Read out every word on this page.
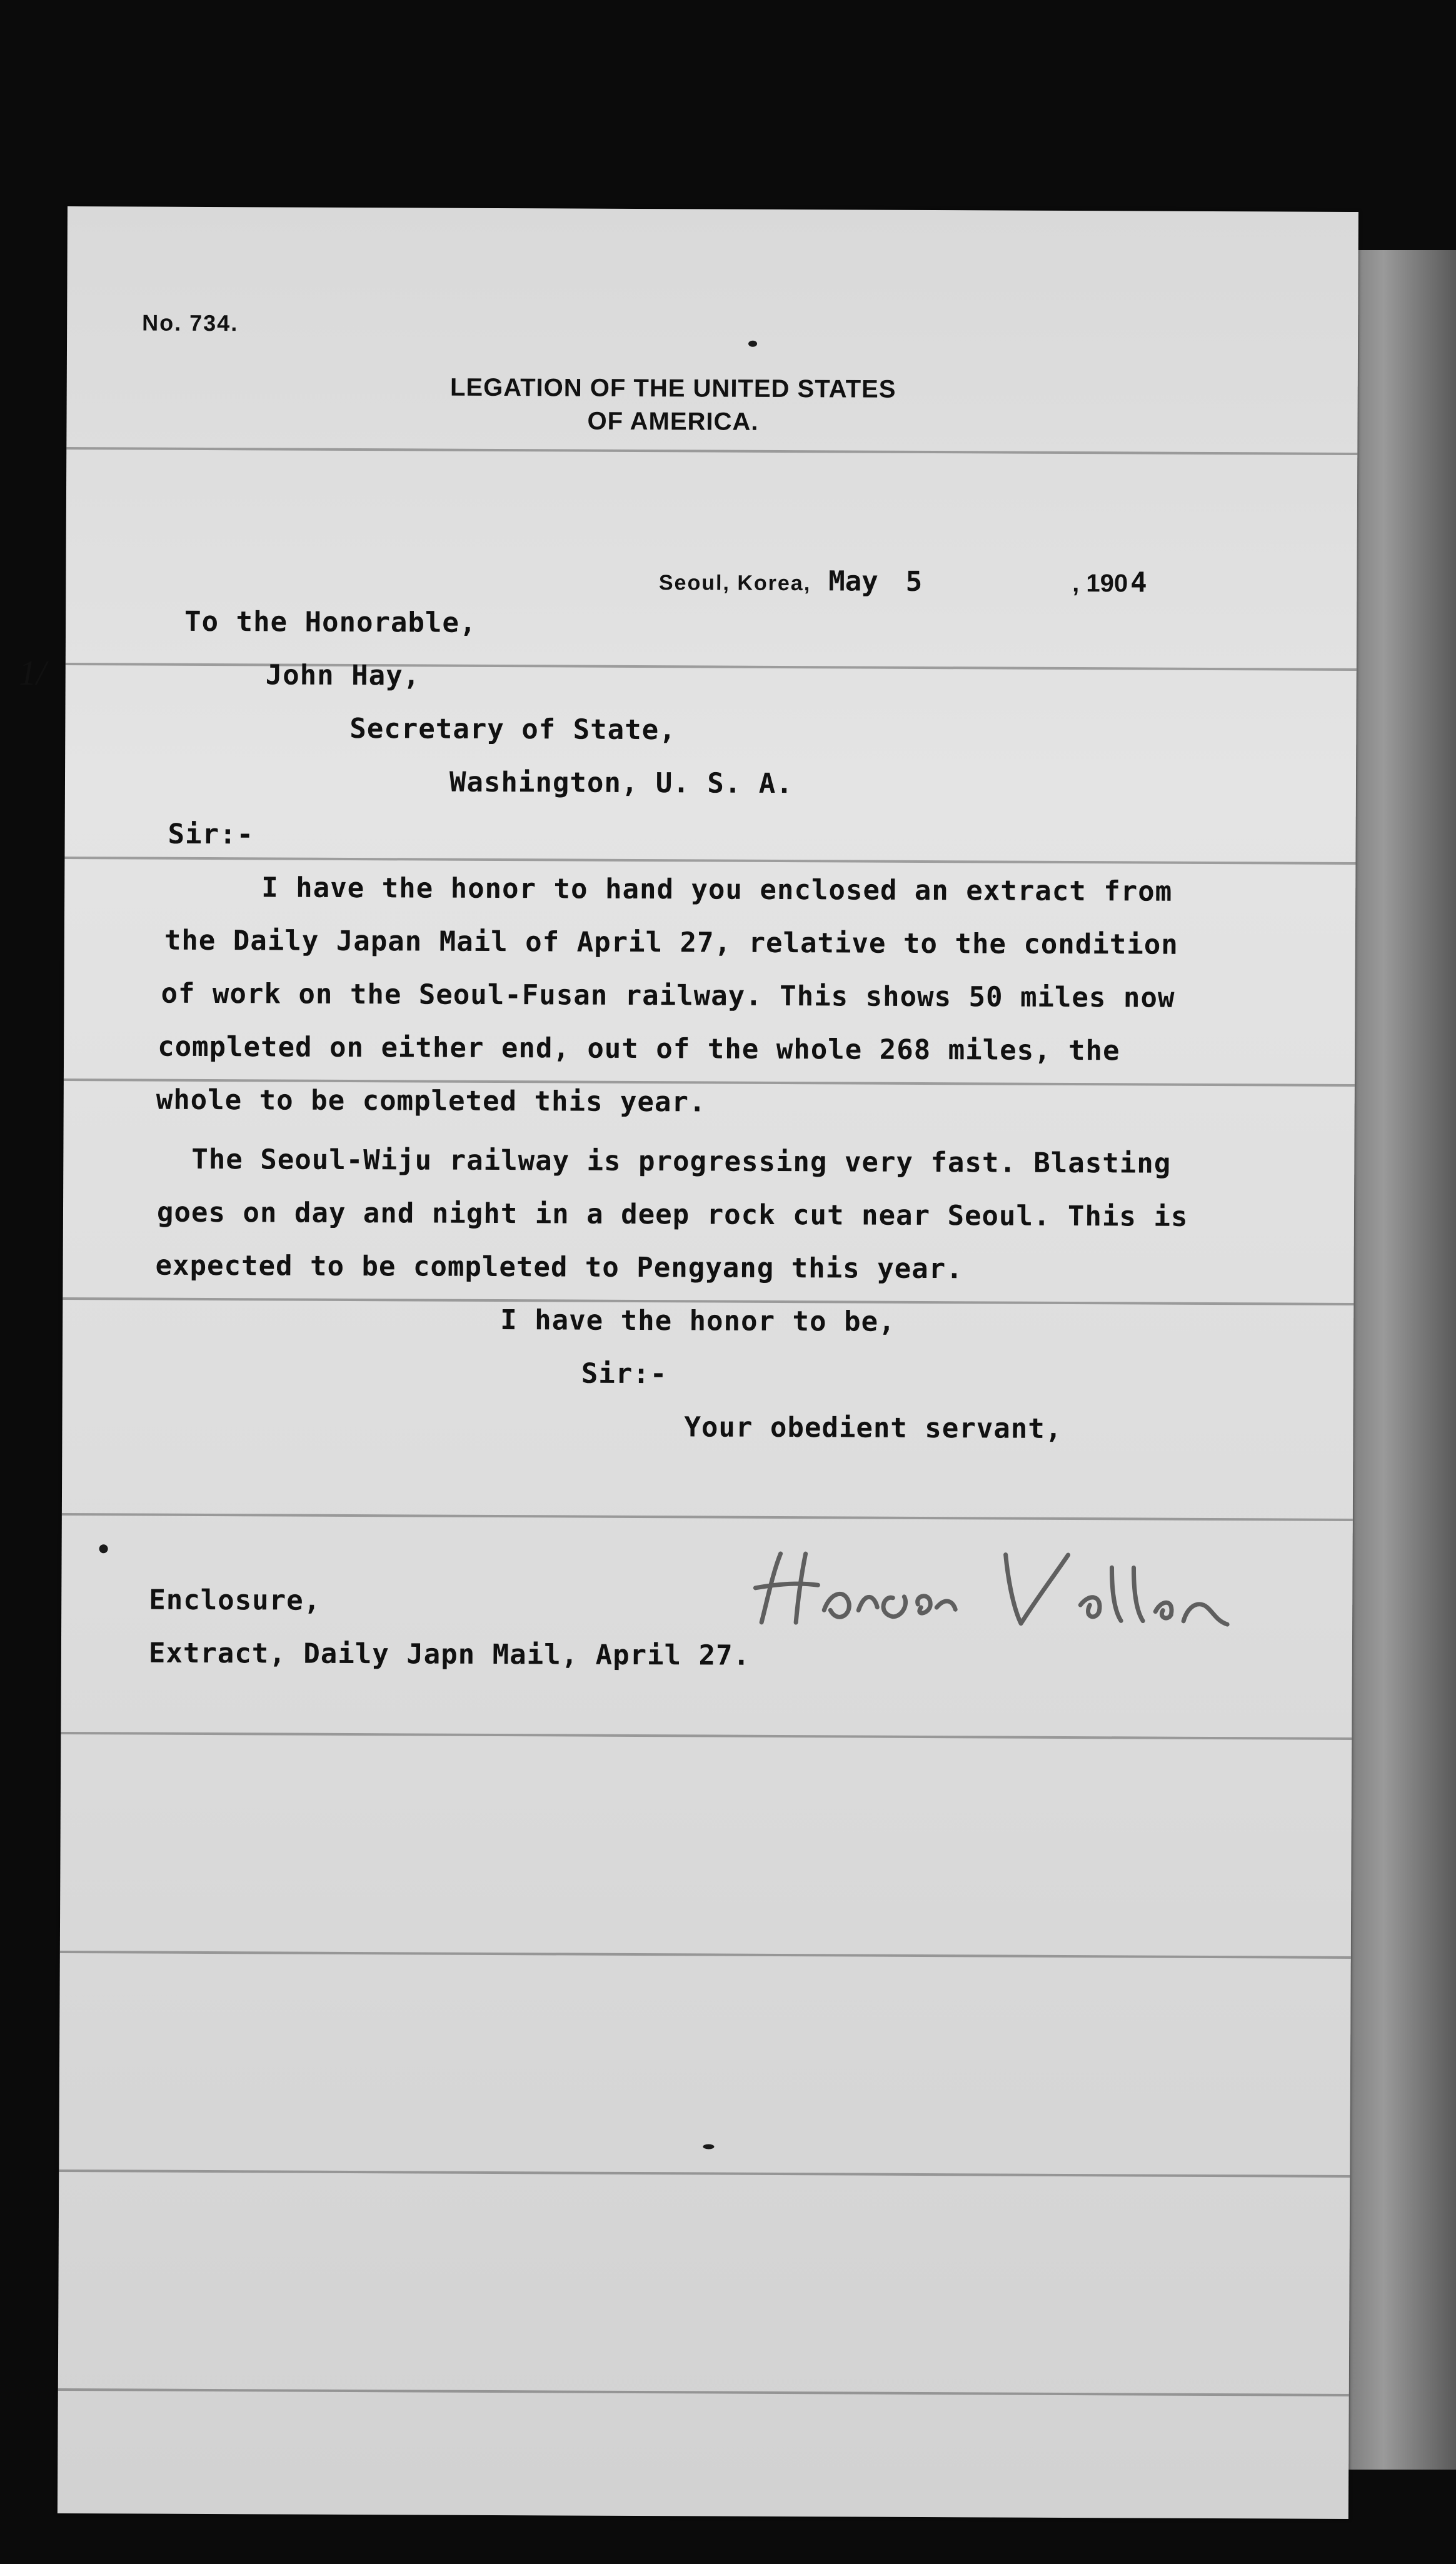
No. 734.
LEGATION OF THE UNITED STATES
OF AMERICA.

Seoul, Korea, May 5	, 1904

To the Honorable,
John Hay,
Secretary of State,
Washington, U. S. A.
Sir:-
I have the honor to hand you enclosed an extract from
the Daily Japan Mail of April 27, relative to the condition
of work on the Seoul-Fusan railway. This shows 50 miles now
completed on either end, out of the whole 268 miles, the
whole to be completed this year.
The Seoul-Wiju railway is progressing very fast. Blasting
goes on day and night in a deep rock cut near Seoul. This is
expected to be completed to Pengyang this year.
I have the honor to be,
Sir:-
Your obedient servant,
Enclosure,
Extract, Daily Japn Mail, April 27.
1/
